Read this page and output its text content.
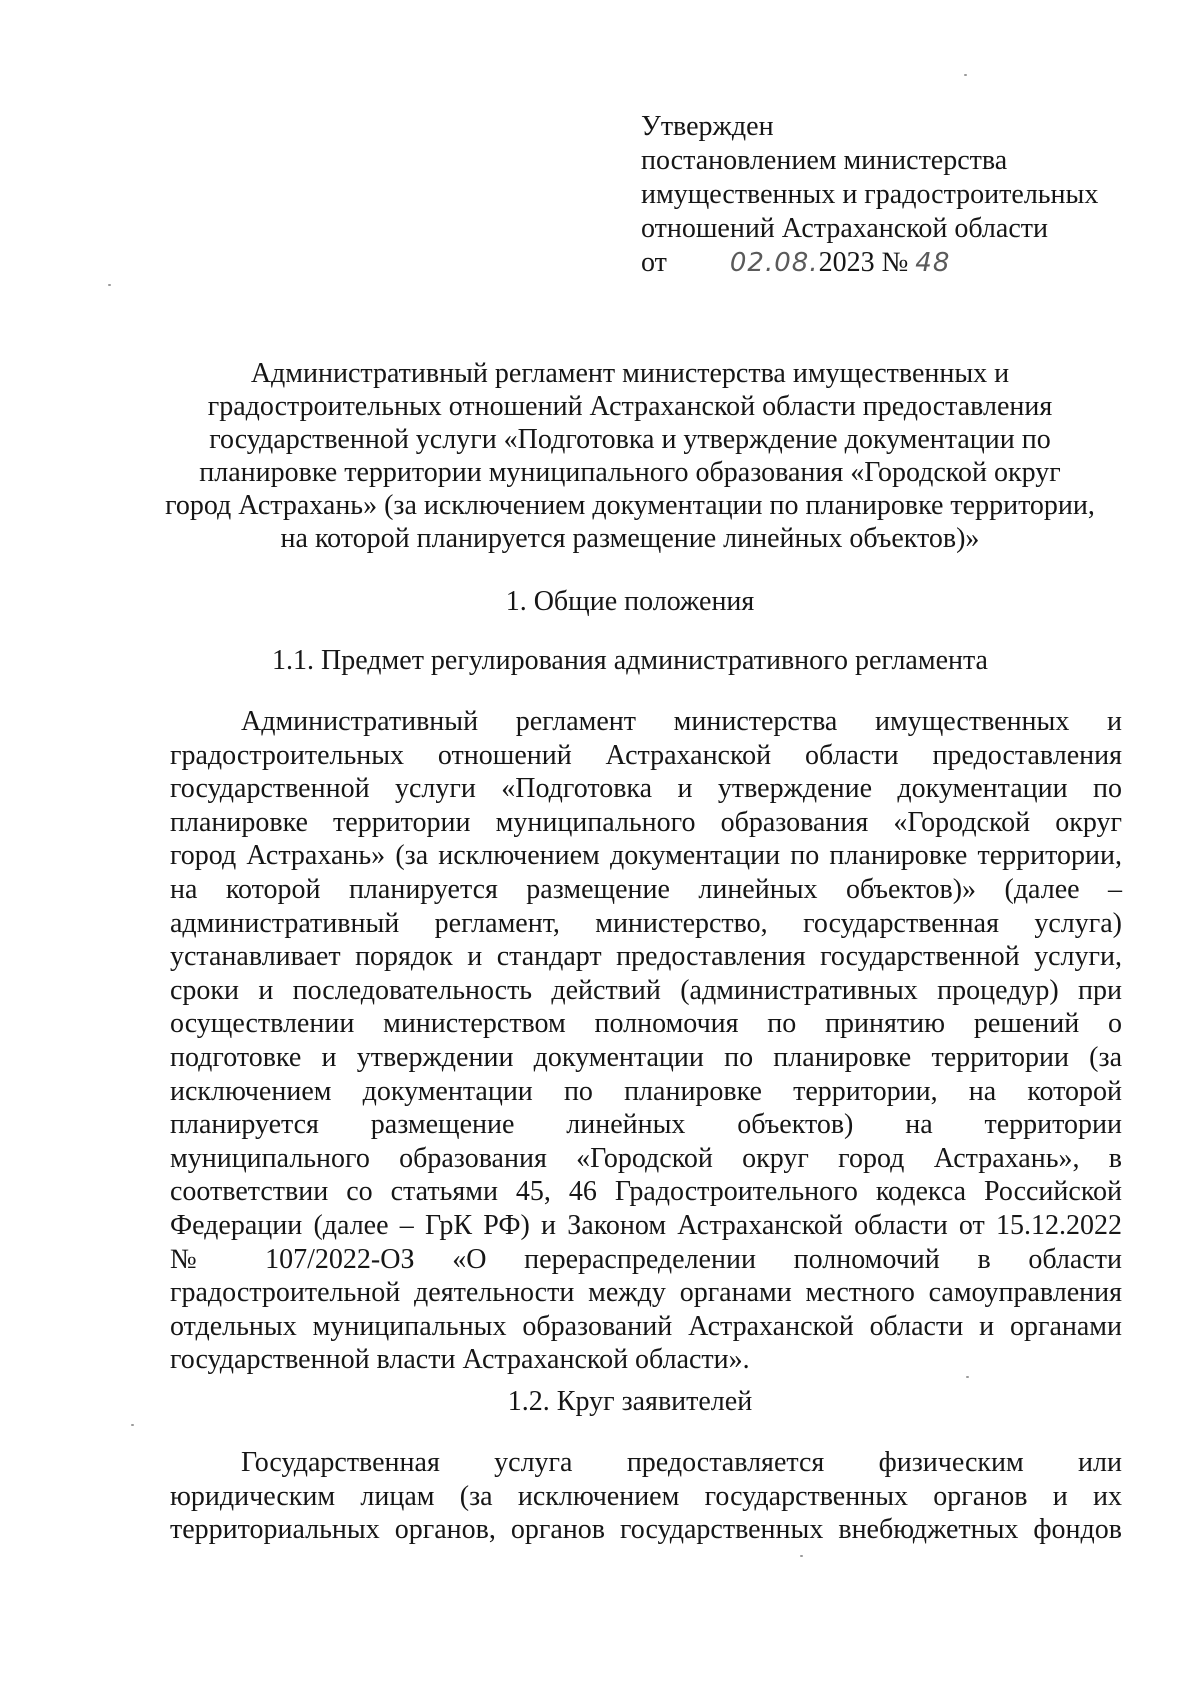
Утвержден
постановлением министерства
имущественных и градостроительных
отношений Астраханской области
от 02.08.2023 № 48
Административный регламент министерства имущественных и
градостроительных отношений Астраханской области предоставления
государственной услуги «Подготовка и утверждение документации по
планировке территории муниципального образования «Городской округ
город Астрахань» (за исключением документации по планировке территории,
на которой планируется размещение линейных объектов)»
1. Общие положения
1.1. Предмет регулирования административного регламента
Административный регламент министерства имущественных и
градостроительных отношений Астраханской области предоставления
государственной услуги «Подготовка и утверждение документации по
планировке территории муниципального образования «Городской округ
город Астрахань» (за исключением документации по планировке территории,
на которой планируется размещение линейных объектов)» (далее –
административный регламент, министерство, государственная услуга)
устанавливает порядок и стандарт предоставления государственной услуги,
сроки и последовательность действий (административных процедур) при
осуществлении министерством полномочия по принятию решений о
подготовке и утверждении документации по планировке территории (за
исключением документации по планировке территории, на которой
планируется размещение линейных объектов) на территории
муниципального образования «Городской округ город Астрахань», в
соответствии со статьями 45, 46 Градостроительного кодекса Российской
Федерации (далее – ГрК РФ) и Законом Астраханской области от 15.12.2022
№ 107/2022-ОЗ «О перераспределении полномочий в области
градостроительной деятельности между органами местного самоуправления
отдельных муниципальных образований Астраханской области и органами
государственной власти Астраханской области».
1.2. Круг заявителей
Государственная услуга предоставляется физическим или
юридическим лицам (за исключением государственных органов и их
территориальных органов, органов государственных внебюджетных фондов
